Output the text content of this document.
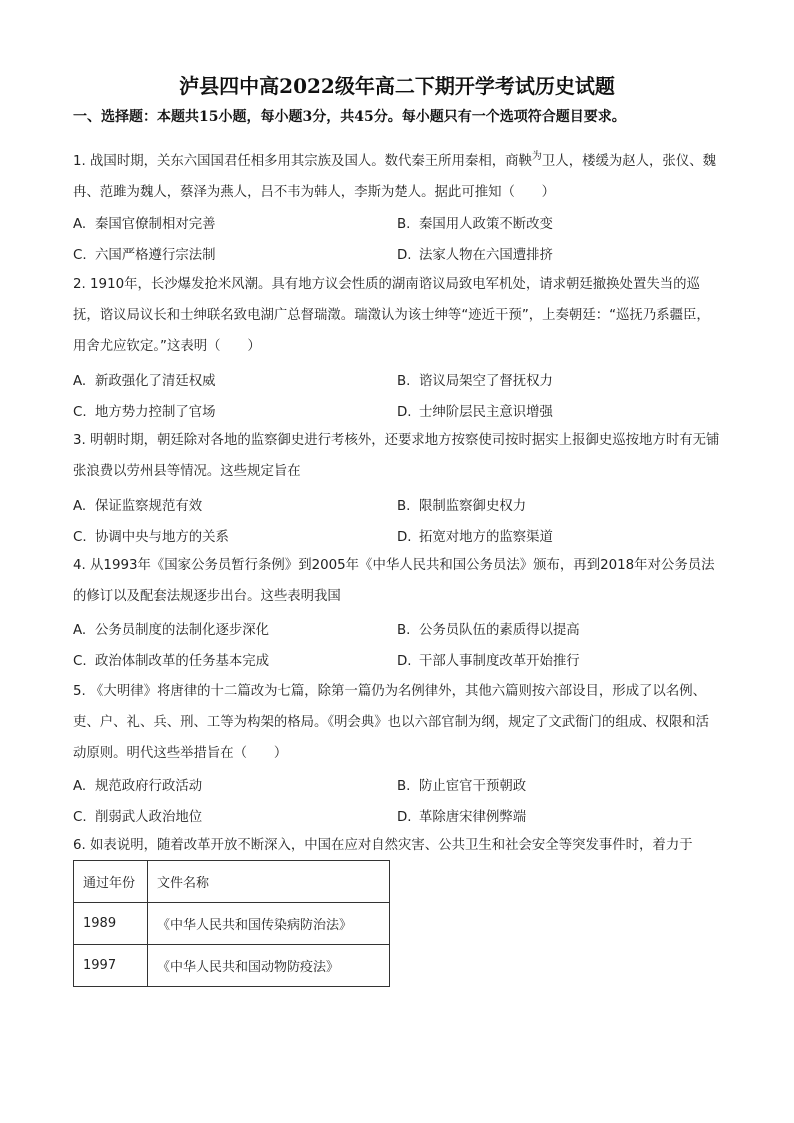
泸县四中高2022级年高二下期开学考试历史试题
一、选择题：本题共15小题，每小题3分，共45分。每小题只有一个选项符合题目要求。
1. 战国时期，关东六国国君任相多用其宗族及国人。数代秦王所用秦相，商鞅$^为$卫人，楼缓为赵人，张仪、魏冉、范雎为魏人，蔡泽为燕人，吕不韦为韩人，李斯为楚人。据此可推知（　　）
A. 秦国官僚制相对完善	B. 秦国用人政策不断改变
C. 六国严格遵行宗法制	D. 法家人物在六国遭排挤
2. 1910年，长沙爆发抢米风潮。具有地方议会性质的湖南谘议局致电军机处，请求朝廷撤换处置失当的巡抚，谘议局议长和士绅联名致电湖广总督瑞澂。瑞澂认为该士绅等“迹近干预”，上奏朝廷：“巡抚乃系疆臣，用舍尤应钦定。”这表明（　　）
A. 新政强化了清廷权威	B. 谘议局架空了督抚权力
C. 地方势力控制了官场	D. 士绅阶层民主意识增强
3. 明朝时期，朝廷除对各地的监察御史进行考核外，还要求地方按察使司按时据实上报御史巡按地方时有无铺张浪费以劳州县等情况。这些规定旨在
A. 保证监察规范有效	B. 限制监察御史权力
C. 协调中央与地方的关系	D. 拓宽对地方的监察渠道
4. 从1993年《国家公务员暂行条例》到2005年《中华人民共和国公务员法》颁布，再到2018年对公务员法的修订以及配套法规逐步出台。这些表明我国
A. 公务员制度的法制化逐步深化	B. 公务员队伍的素质得以提高
C. 政治体制改革的任务基本完成	D. 干部人事制度改革开始推行
5. 《大明律》将唐律的十二篇改为七篇，除第一篇仍为名例律外，其他六篇则按六部设目，形成了以名例、吏、户、礼、兵、刑、工等为构架的格局。《明会典》也以六部官制为纲，规定了文武衙门的组成、权限和活动原则。明代这些举措旨在（　　）
A. 规范政府行政活动	B. 防止宦官干预朝政
C. 削弱武人政治地位	D. 革除唐宋律例弊端
6. 如表说明，随着改革开放不断深入，中国在应对自然灾害、公共卫生和社会安全等突发事件时，着力于
通过年份	文件名称
1989	《中华人民共和国传染病防治法》
1997	《中华人民共和国动物防疫法》
